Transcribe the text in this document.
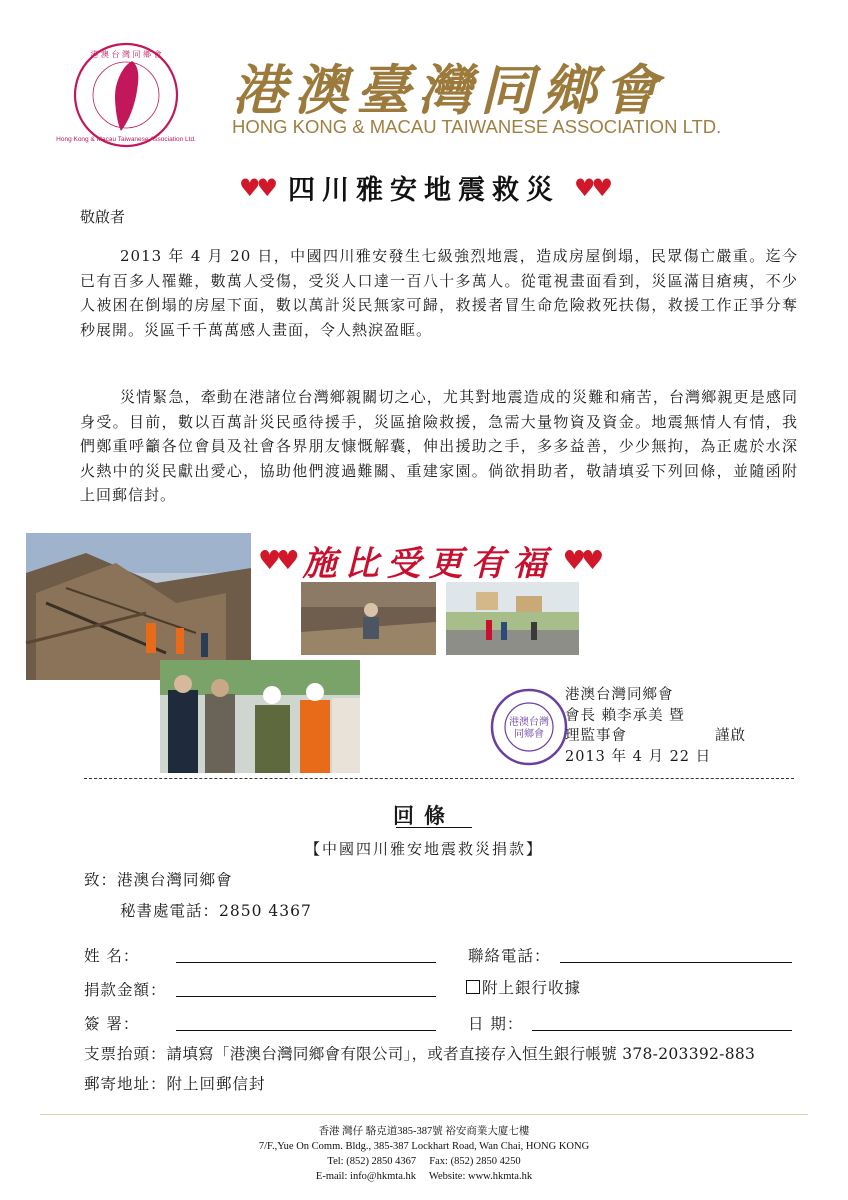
港 澳 台 灣 同 鄉 會
Hong Kong & Macau Taiwanese Association Ltd.
港澳臺灣同鄉會
HONG KONG & MACAU TAIWANESE ASSOCIATION LTD.
♥♥ 四川雅安地震救災 ♥♥
敬啟者

2013 年 4 月 20 日，中國四川雅安發生七級強烈地震，造成房屋倒塌，民眾傷亡嚴重。迄今已有百多人罹難，數萬人受傷，受災人口達一百八十多萬人。從電視畫面看到，災區滿目瘡痍，不少人被困在倒塌的房屋下面，數以萬計災民無家可歸，救援者冒生命危險救死扶傷，救援工作正爭分奪秒展開。災區千千萬萬感人畫面，令人熱淚盈眶。

災情緊急，牽動在港諸位台灣鄉親關切之心，尤其對地震造成的災難和痛苦，台灣鄉親更是感同身受。目前，數以百萬計災民亟待援手，災區搶險救援，急需大量物資及資金。地震無情人有情，我們鄭重呼籲各位會員及社會各界朋友慷慨解囊，伸出援助之手，多多益善，少少無拘，為正處於水深火熱中的災民獻出愛心，協助他們渡過難關、重建家園。倘欲捐助者，敬請填妥下列回條，並隨函附上回郵信封。

♥♥ 施比受更有福 ♥♥
港澳台灣
同鄉會
港澳台灣同鄉會
會長 賴李承美 暨
理監事會	謹啟
2013 年 4 月 22 日
回條
【中國四川雅安地震救災捐款】
致：港澳台灣同鄉會
秘書處電話：2850 4367
姓 名：	聯絡電話：
捐款金額：	附上銀行收據
簽 署：	日 期：
支票抬頭：請填寫「港澳台灣同鄉會有限公司」，或者直接存入恒生銀行帳號 378-203392-883
郵寄地址：附上回郵信封
香港 灣仔 駱克道385-387號 裕安商業大廈七樓
7/F.,Yue On Comm. Bldg., 385-387 Lockhart Road, Wan Chai, HONG KONG
Tel: (852) 2850 4367     Fax: (852) 2850 4250
E-mail: info@hkmta.hk     Website: www.hkmta.hk
